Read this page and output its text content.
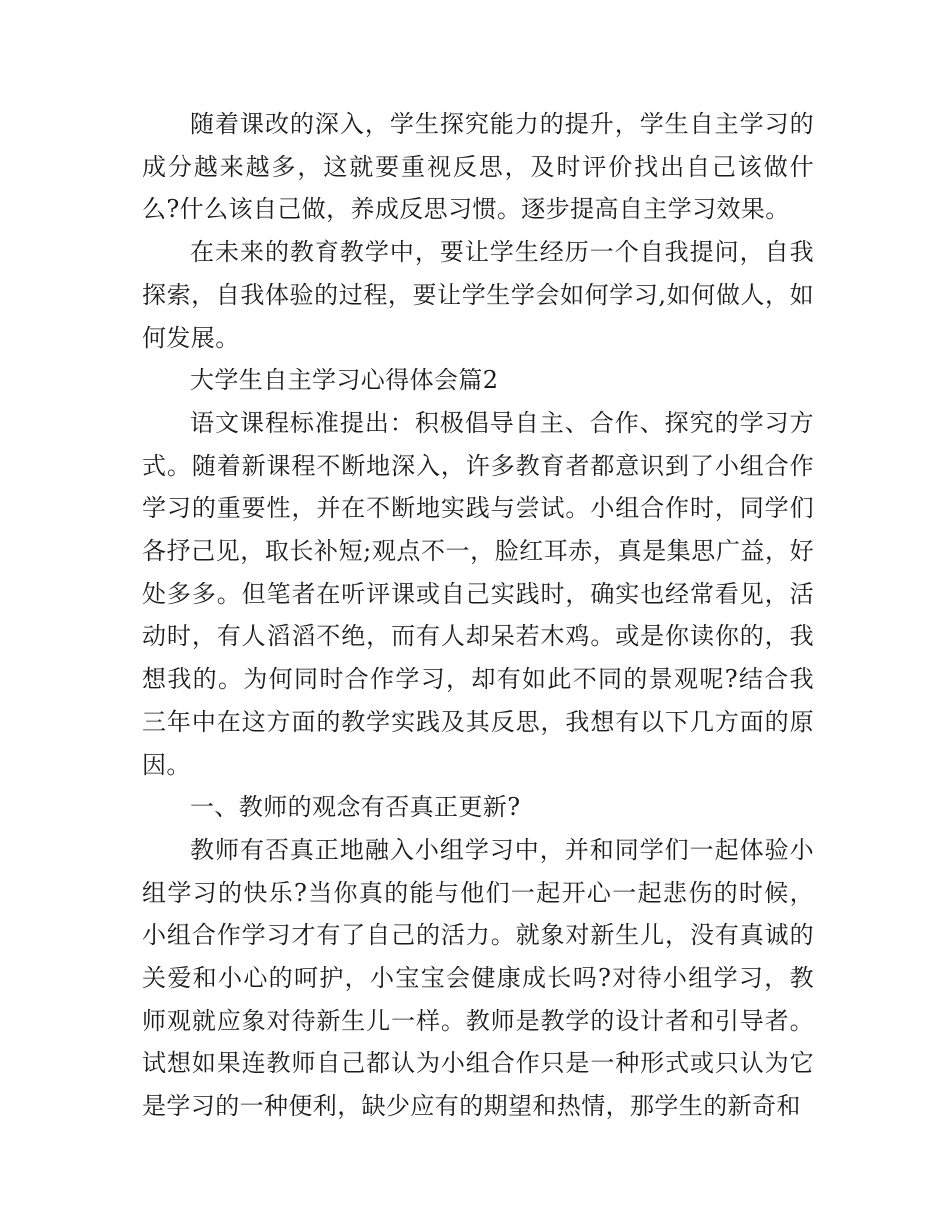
随着课改的深入，学生探究能力的提升，学生自主学习的成分越来越多，这就要重视反思，及时评价找出自己该做什么?什么该自己做，养成反思习惯。逐步提高自主学习效果。

在未来的教育教学中，要让学生经历一个自我提问，自我探索，自我体验的过程，要让学生学会如何学习,如何做人，如何发展。

大学生自主学习心得体会篇2

语文课程标准提出：积极倡导自主、合作、探究的学习方式。随着新课程不断地深入，许多教育者都意识到了小组合作学习的重要性，并在不断地实践与尝试。小组合作时，同学们各抒己见，取长补短;观点不一，脸红耳赤，真是集思广益，好处多多。但笔者在听评课或自己实践时，确实也经常看见，活动时，有人滔滔不绝，而有人却呆若木鸡。或是你读你的，我想我的。为何同时合作学习，却有如此不同的景观呢?结合我三年中在这方面的教学实践及其反思，我想有以下几方面的原因。

一、教师的观念有否真正更新?

教师有否真正地融入小组学习中，并和同学们一起体验小组学习的快乐?当你真的能与他们一起开心一起悲伤的时候，小组合作学习才有了自己的活力。就象对新生儿，没有真诚的关爱和小心的呵护，小宝宝会健康成长吗?对待小组学习，教师观就应象对待新生儿一样。教师是教学的设计者和引导者。试想如果连教师自己都认为小组合作只是一种形式或只认为它是学习的一种便利，缺少应有的期望和热情，那学生的新奇和
